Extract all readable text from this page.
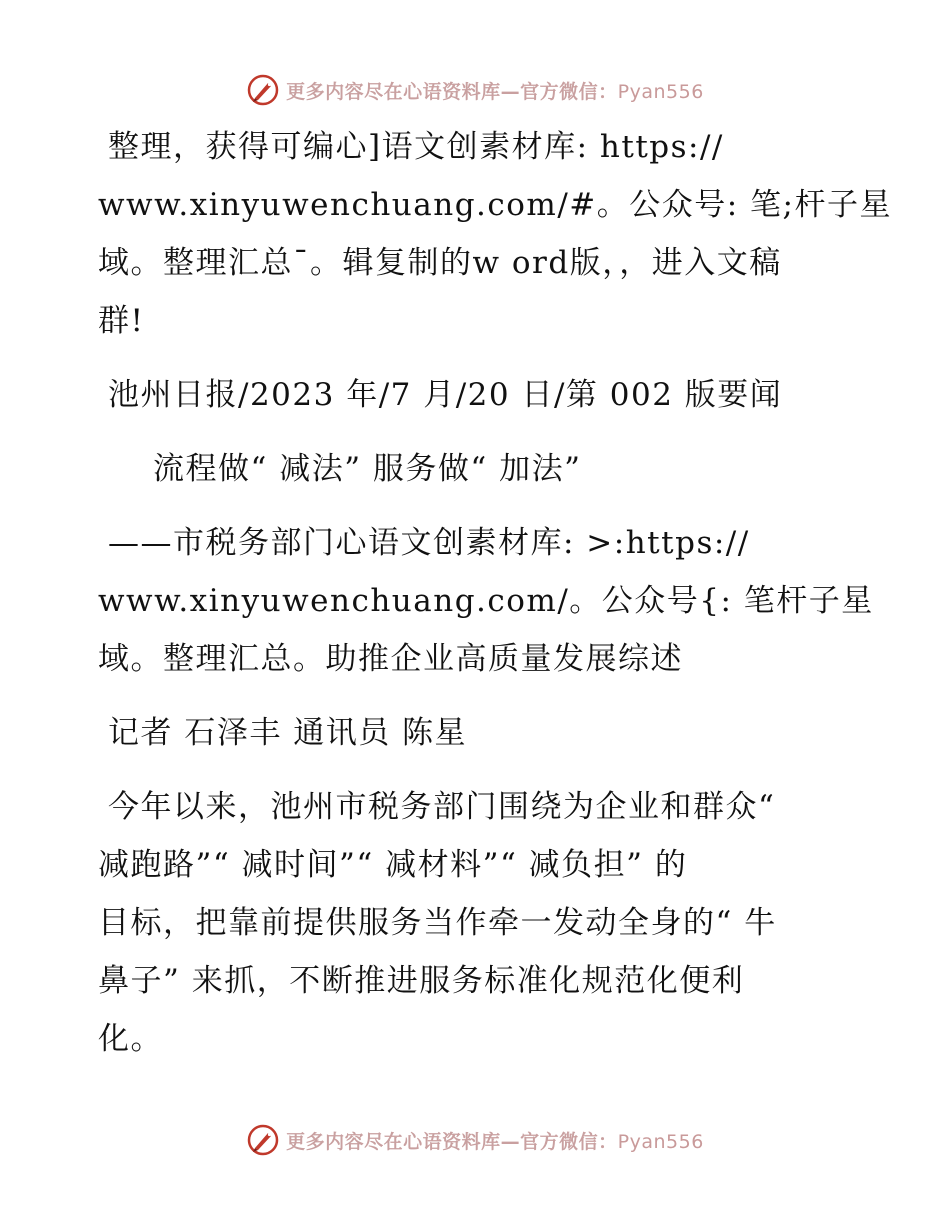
更多内容尽在心语资料库—官方微信：Pyan556
整理，获得可编心]语文创素材库: https://
www.xinyuwenchuang.com/#。公众号: 笔;杆子星
域。整理汇总¯。辑复制的w ord版，，进入文稿
群!
池州日报/2023 年/7 月/20 日/第 002 版要闻
流程做“ 减法” 服务做“ 加法”
——市税务部门心语文创素材库: >:https://
www.xinyuwenchuang.com/。公众号{: 笔杆子星
域。整理汇总。助推企业高质量发展综述
记者 石泽丰 通讯员 陈星
今年以来，池州市税务部门围绕为企业和群众“
减跑路”“ 减时间”“ 减材料”“ 减负担” 的
目标，把靠前提供服务当作牵一发动全身的“ 牛
鼻子” 来抓，不断推进服务标准化规范化便利
化。
更多内容尽在心语资料库—官方微信：Pyan556
